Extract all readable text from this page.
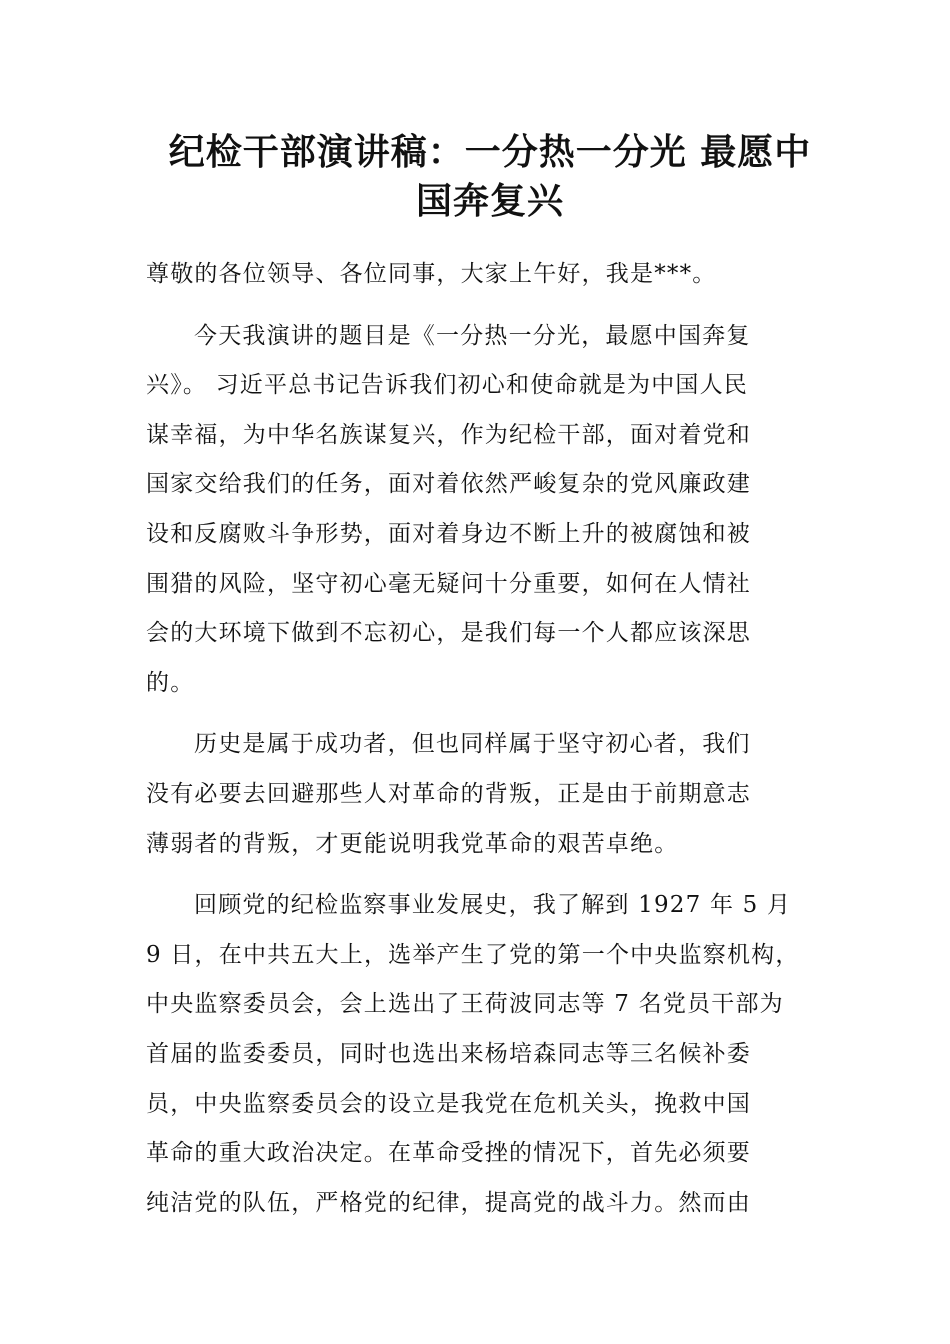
纪检干部演讲稿：一分热一分光 最愿中
国奔复兴

尊敬的各位领导、各位同事，大家上午好，我是***。

今天我演讲的题目是《一分热一分光，最愿中国奔复
兴》。 习近平总书记告诉我们初心和使命就是为中国人民
谋幸福，为中华名族谋复兴，作为纪检干部，面对着党和
国家交给我们的任务，面对着依然严峻复杂的党风廉政建
设和反腐败斗争形势，面对着身边不断上升的被腐蚀和被
围猎的风险，坚守初心毫无疑问十分重要，如何在人情社
会的大环境下做到不忘初心，是我们每一个人都应该深思
的。

历史是属于成功者，但也同样属于坚守初心者，我们
没有必要去回避那些人对革命的背叛，正是由于前期意志
薄弱者的背叛，才更能说明我党革命的艰苦卓绝。

回顾党的纪检监察事业发展史，我了解到 1927 年 5 月
9 日，在中共五大上，选举产生了党的第一个中央监察机构，
中央监察委员会，会上选出了王荷波同志等 7 名党员干部为
首届的监委委员，同时也选出来杨培森同志等三名候补委
员，中央监察委员会的设立是我党在危机关头，挽救中国
革命的重大政治决定。在革命受挫的情况下，首先必须要
纯洁党的队伍，严格党的纪律，提高党的战斗力。然而由
